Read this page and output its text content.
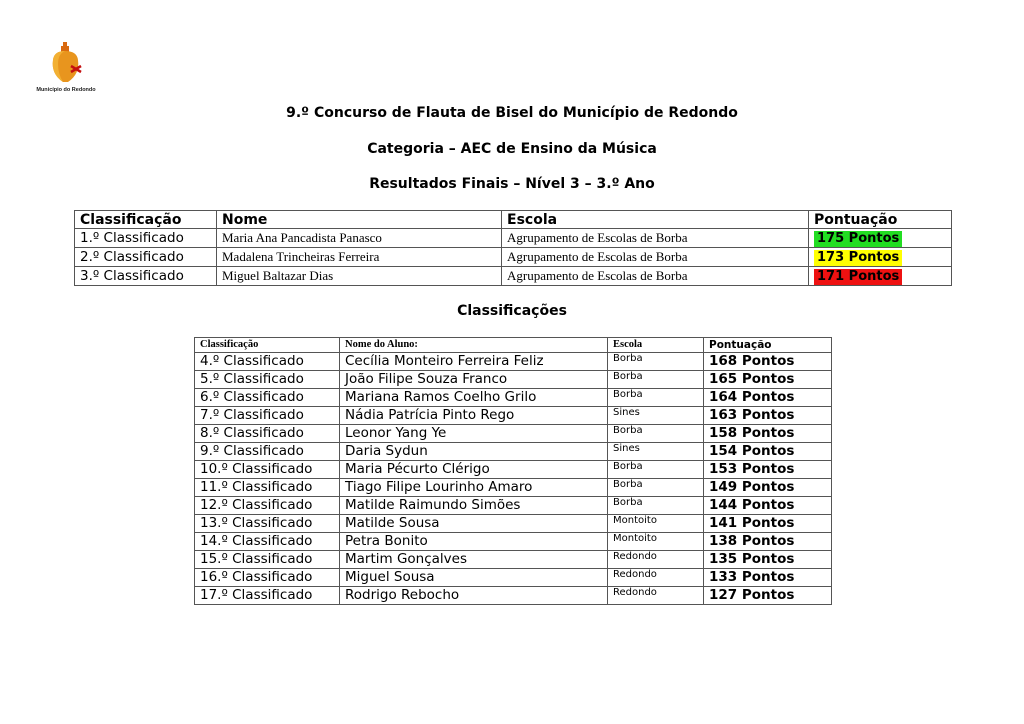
Município do Redondo
9.º Concurso de Flauta de Bisel do Município de Redondo
Categoria – AEC de Ensino da Música
Resultados Finais – Nível 3 – 3.º Ano
Classificação	Nome	Escola	Pontuação
1.º Classificado	Maria Ana Pancadista Panasco	Agrupamento de Escolas de Borba	175 Pontos
2.º Classificado	Madalena Trincheiras Ferreira	Agrupamento de Escolas de Borba	173 Pontos
3.º Classificado	Miguel Baltazar Dias	Agrupamento de Escolas de Borba	171 Pontos
Classificações
Classificação	Nome do Aluno:	Escola	Pontuação
4.º Classificado	Cecília Monteiro Ferreira Feliz	Borba	168 Pontos
5.º Classificado	João Filipe Souza Franco	Borba	165 Pontos
6.º Classificado	Mariana Ramos Coelho Grilo	Borba	164 Pontos
7.º Classificado	Nádia Patrícia Pinto Rego	Sines	163 Pontos
8.º Classificado	Leonor Yang Ye	Borba	158 Pontos
9.º Classificado	Daria Sydun	Sines	154 Pontos
10.º Classificado	Maria Pécurto Clérigo	Borba	153 Pontos
11.º Classificado	Tiago Filipe Lourinho Amaro	Borba	149 Pontos
12.º Classificado	Matilde Raimundo Simões	Borba	144 Pontos
13.º Classificado	Matilde Sousa	Montoito	141 Pontos
14.º Classificado	Petra Bonito	Montoito	138 Pontos
15.º Classificado	Martim Gonçalves	Redondo	135 Pontos
16.º Classificado	Miguel Sousa	Redondo	133 Pontos
17.º Classificado	Rodrigo Rebocho	Redondo	127 Pontos
